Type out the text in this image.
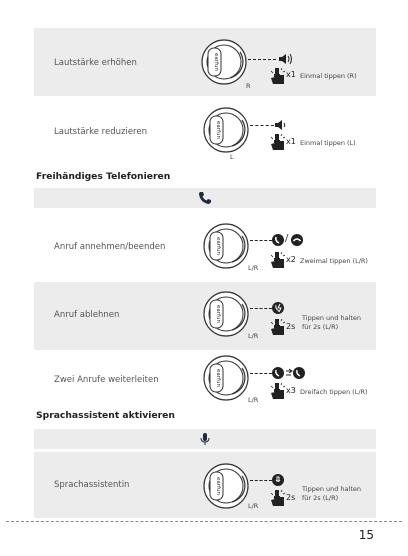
Lautstärke erhöhen	earfun
R
x1 Einmal tippen (R)
Lautstärke reduzieren	earfun
L
x1 Einmal tippen (L)
Freihändiges Telefonieren
Anruf annehmen/beenden	earfun
L/R
/
x2 Zweimal tippen (L/R)
Anruf ablehnen	earfun
L/R
2s
Tippen und halten
für 2s (L/R)
Zwei Anrufe weiterleiten	earfun
L/R
x3 Dreifach tippen (L/R)
Sprachassistent aktivieren
Sprachassistentin	earfun
L/R
2s
Tippen und halten
für 2s (L/R)
15
